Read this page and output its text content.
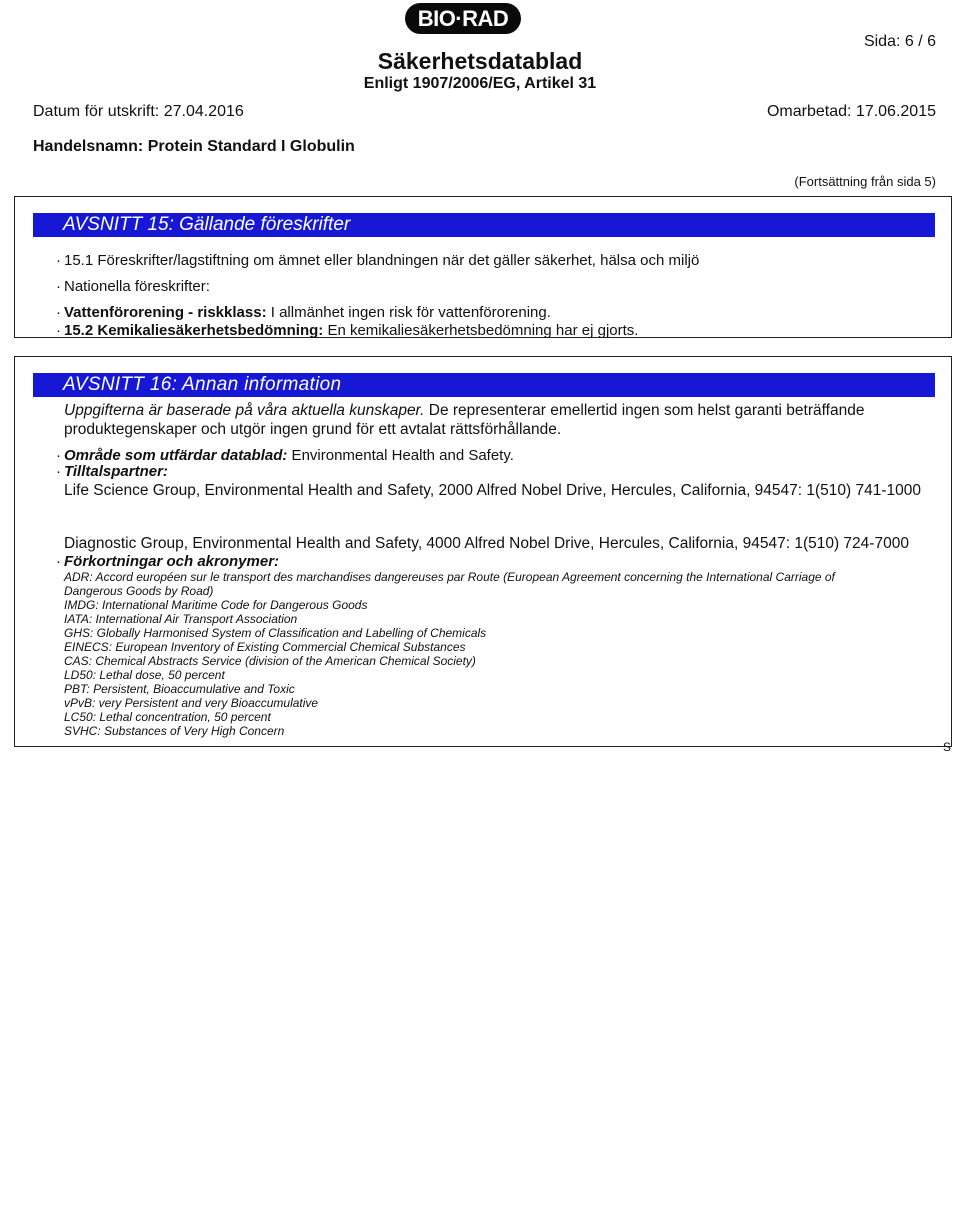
BIO·RAD
Sida: 6 / 6
Säkerhetsdatablad
Enligt 1907/2006/EG, Artikel 31
Datum för utskrift: 27.04.2016	Omarbetad: 17.06.2015
Handelsnamn: Protein Standard I Globulin
(Fortsättning från sida 5)
AVSNITT 15: Gällande föreskrifter
· 15.1 Föreskrifter/lagstiftning om ämnet eller blandningen när det gäller säkerhet, hälsa och miljö
· Nationella föreskrifter:
· Vattenförorening - riskklass: I allmänhet ingen risk för vattenförorening.
· 15.2 Kemikaliesäkerhetsbedömning: En kemikaliesäkerhetsbedömning har ej gjorts.
AVSNITT 16: Annan information
Uppgifterna är baserade på våra aktuella kunskaper. De representerar emellertid ingen som helst garanti beträffande produktegenskaper och utgör ingen grund för ett avtalat rättsförhållande.
· Område som utfärdar datablad: Environmental Health and Safety.
· Tilltalspartner:
Life Science Group, Environmental Health and Safety, 2000 Alfred Nobel Drive, Hercules, California, 94547: 1(510) 741-1000
Diagnostic Group, Environmental Health and Safety, 4000 Alfred Nobel Drive, Hercules, California, 94547: 1(510) 724-7000
· Förkortningar och akronymer:
ADR: Accord européen sur le transport des marchandises dangereuses par Route (European Agreement concerning the International Carriage of
Dangerous Goods by Road)
IMDG: International Maritime Code for Dangerous Goods
IATA: International Air Transport Association
GHS: Globally Harmonised System of Classification and Labelling of Chemicals
EINECS: European Inventory of Existing Commercial Chemical Substances
CAS: Chemical Abstracts Service (division of the American Chemical Society)
LD50: Lethal dose, 50 percent
PBT: Persistent, Bioaccumulative and Toxic
vPvB: very Persistent and very Bioaccumulative
LC50: Lethal concentration, 50 percent
SVHC: Substances of Very High Concern
S
